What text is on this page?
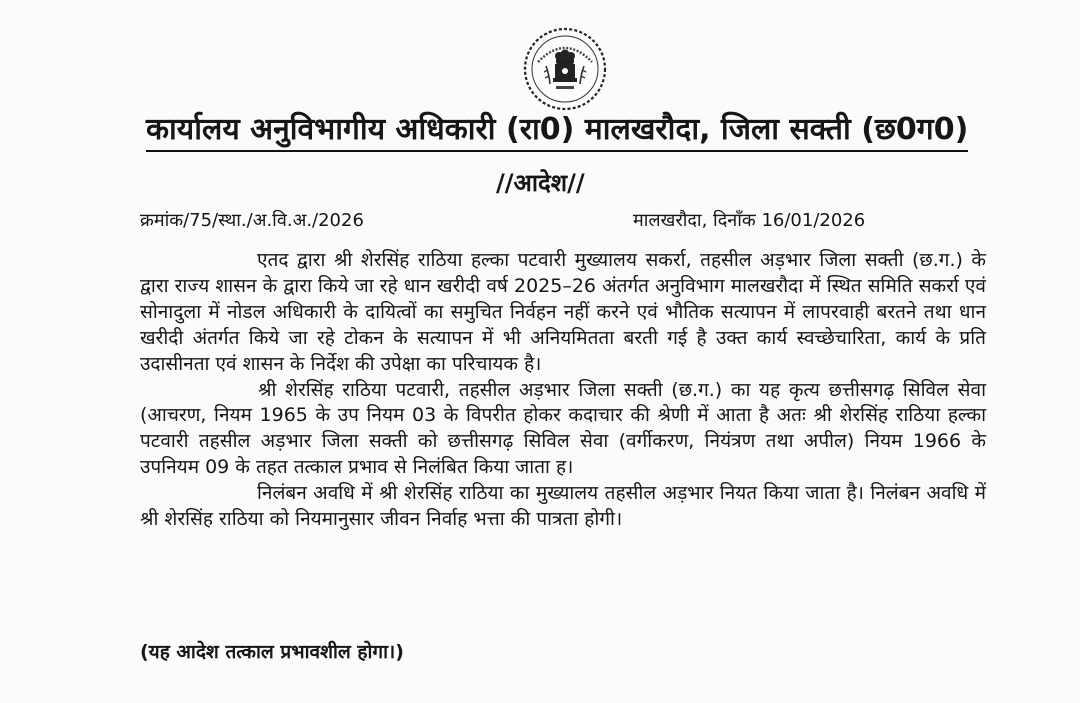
कार्यालय अनुविभागीय अधिकारी (रा0) मालखरौदा, जिला सक्ती (छ0ग0)
//आदेश//
क्रमांक/75/स्था./अ.वि.अ./2026	मालखरौदा, दिनाँक 16/01/2026

एतद द्वारा श्री शेरसिंह राठिया हल्का पटवारी मुख्यालय सकर्रा, तहसील अड़भार जिला सक्ती (छ.ग.) के द्वारा राज्य शासन के द्वारा किये जा रहे धान खरीदी वर्ष 2025–26 अंतर्गत अनुविभाग मालखरौदा में स्थित समिति सकर्रा एवं सोनादुला में नोडल अधिकारी के दायित्वों का समुचित निर्वहन नहीं करने एवं भौतिक सत्यापन में लापरवाही बरतने तथा धान खरीदी अंतर्गत किये जा रहे टोकन के सत्यापन में भी अनियमितता बरती गई है उक्त कार्य स्वच्छेचारिता, कार्य के प्रति उदासीनता एवं शासन के निर्देश की उपेक्षा का परिचायक है।

श्री शेरसिंह राठिया पटवारी, तहसील अड़भार जिला सक्ती (छ.ग.) का यह कृत्य छत्तीसगढ़ सिविल सेवा (आचरण, नियम 1965 के उप नियम 03 के विपरीत होकर कदाचार की श्रेणी में आता है अतः श्री शेरसिंह राठिया हल्का पटवारी तहसील अड़भार जिला सक्ती को छत्तीसगढ़ सिविल सेवा (वर्गीकरण, नियंत्रण तथा अपील) नियम 1966 के उपनियम 09 के तहत तत्काल प्रभाव से निलंबित किया जाता ह।

निलंबन अवधि में श्री शेरसिंह राठिया का मुख्यालय तहसील अड़भार नियत किया जाता है। निलंबन अवधि में श्री शेरसिंह राठिया को नियमानुसार जीवन निर्वाह भत्ता की पात्रता होगी।

(यह आदेश तत्काल प्रभावशील होगा।)
